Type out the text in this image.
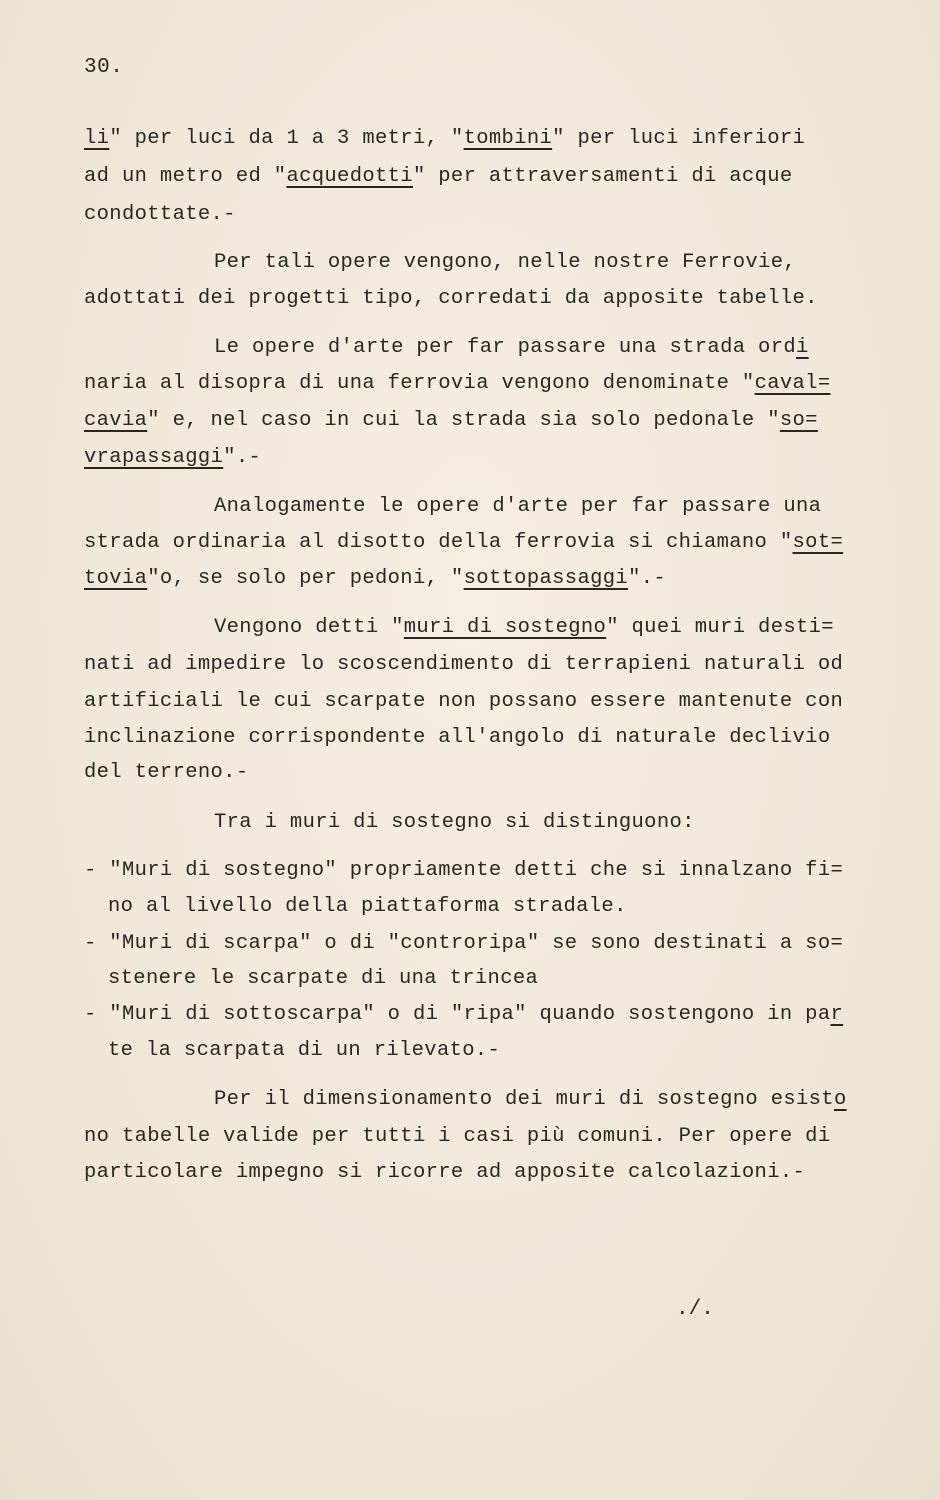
30.
li" per luci da 1 a 3 metri, "tombini" per luci inferiori
ad un metro ed "acquedotti" per attraversamenti di acque
condottate.-
Per tali opere vengono, nelle nostre Ferrovie,
adottati dei progetti tipo, corredati da apposite tabelle.
Le opere d'arte per far passare una strada ordi
naria al disopra di una ferrovia vengono denominate "caval=
cavia" e, nel caso in cui la strada sia solo pedonale "so=
vrapassaggi".-
Analogamente le opere d'arte per far passare una
strada ordinaria al disotto della ferrovia si chiamano "sot=
tovia"o, se solo per pedoni, "sottopassaggi".-
Vengono detti "muri di sostegno" quei muri desti=
nati ad impedire lo scoscendimento di terrapieni naturali od
artificiali le cui scarpate non possano essere mantenute con
inclinazione corrispondente all'angolo di naturale declivio
del terreno.-
Tra i muri di sostegno si distinguono:
- "Muri di sostegno" propriamente detti che si innalzano fi=
no al livello della piattaforma stradale.
- "Muri di scarpa" o di "controripa" se sono destinati a so=
stenere le scarpate di una trincea
- "Muri di sottoscarpa" o di "ripa" quando sostengono in par
te la scarpata di un rilevato.-
Per il dimensionamento dei muri di sostegno esisto
no tabelle valide per tutti i casi più comuni. Per opere di
particolare impegno si ricorre ad apposite calcolazioni.-
./.
